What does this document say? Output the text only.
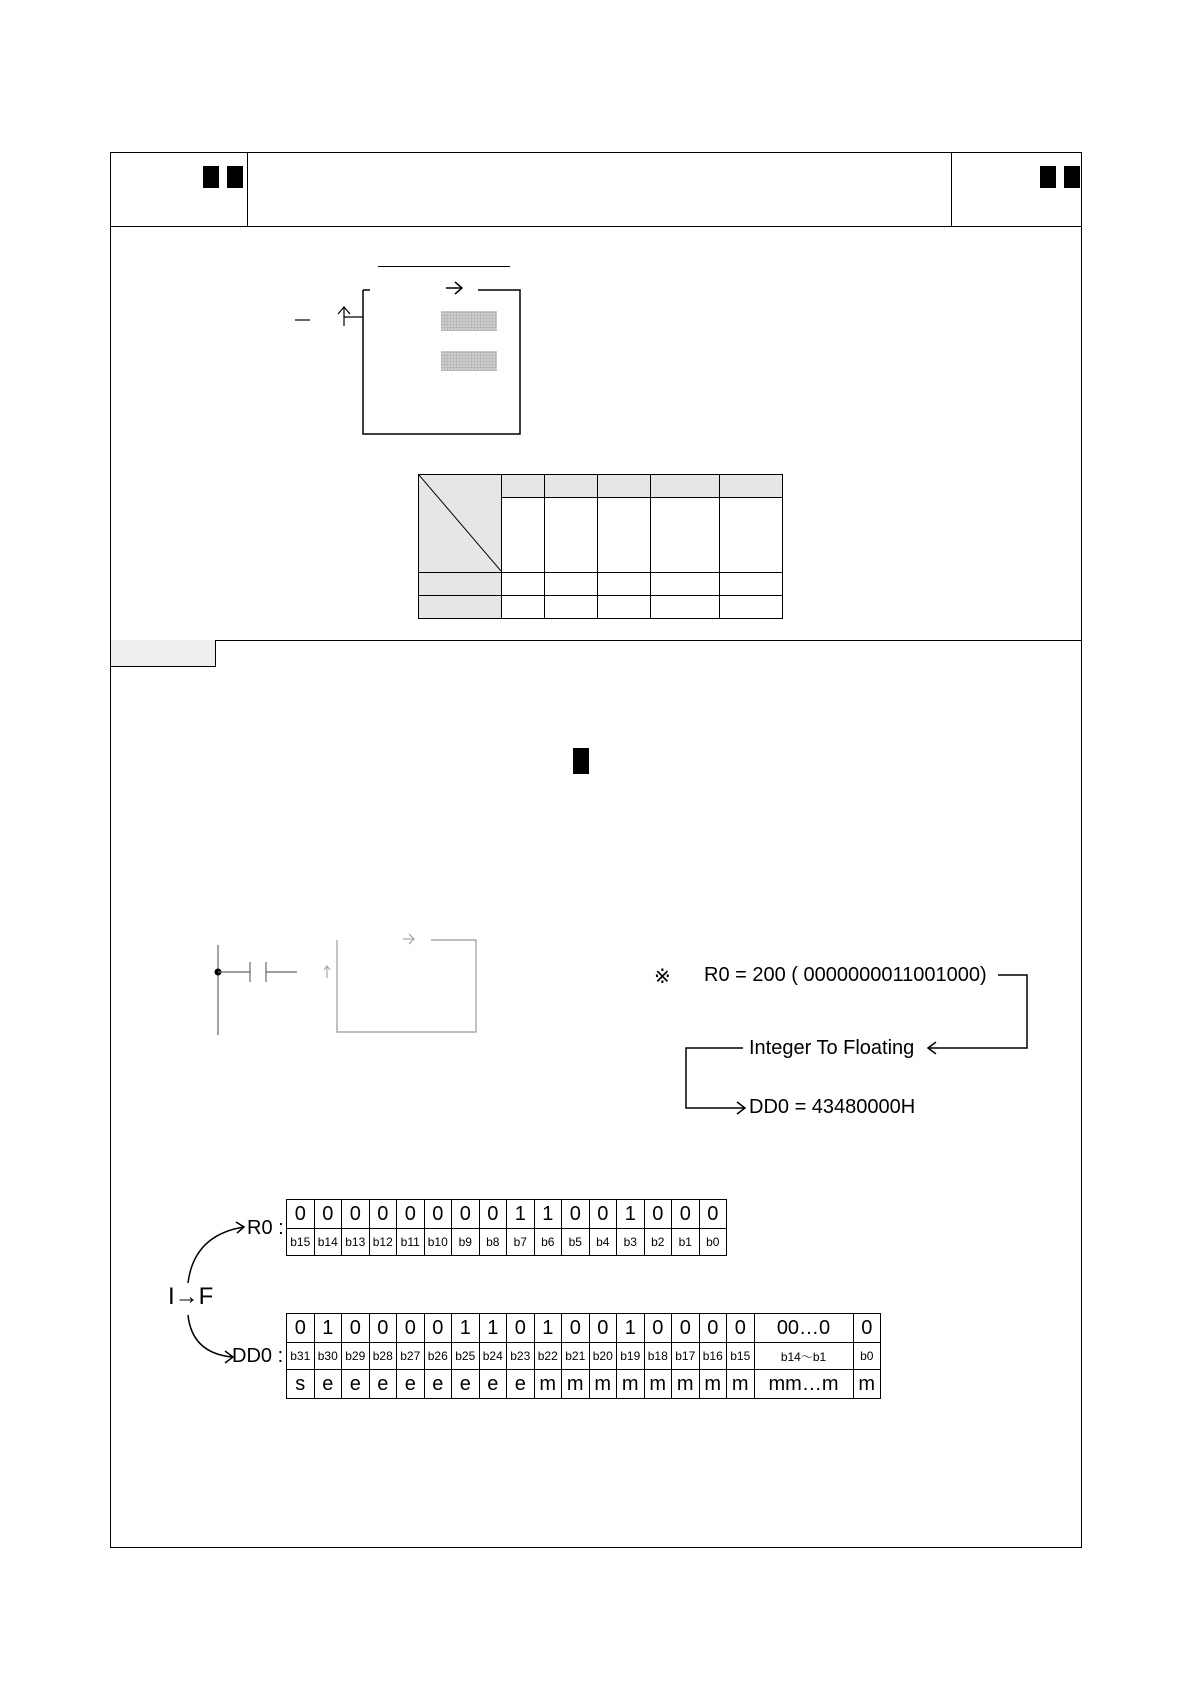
※ R0 = 200 ( 0000000011001000)
Integer To Floating
DD0 = 43480000H
R0 :
DD0 :
I→F
0	0	0	0	0	0	0	0	1	1	0	0	1	0	0	0
b15	b14	b13	b12	b11	b10	b9	b8	b7	b6	b5	b4	b3	b2	b1	b0
0	1	0	0	0	0	1	1	0	1	0	0	1	0	0	0	0	00…0	0
b31	b30	b29	b28	b27	b26	b25	b24	b23	b22	b21	b20	b19	b18	b17	b16	b15	b14～b1	b0
s	e	e	e	e	e	e	e	e	m	m	m	m	m	m	m	m	mm…m	m
